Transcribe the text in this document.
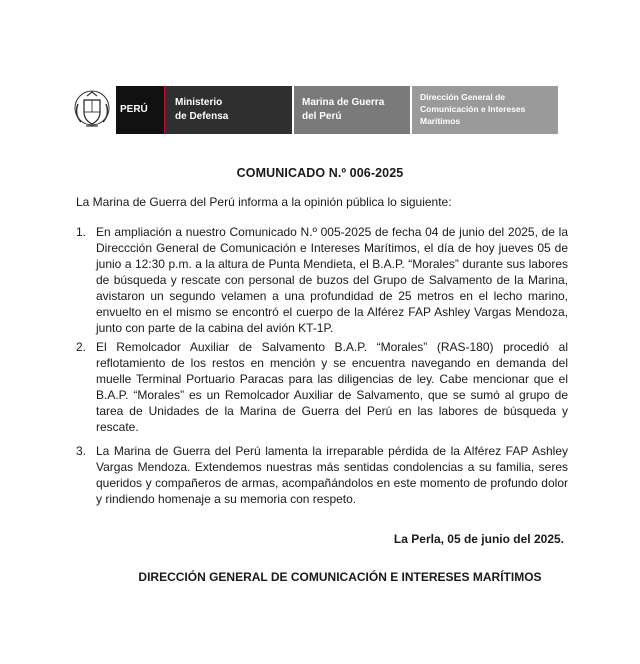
PERÚ
Ministerio
de Defensa
Marina de Guerra
del Perú
Dirección General de
Comunicación e Intereses
Marítimos
COMUNICADO N.º 006-2025
La Marina de Guerra del Perú informa a la opinión pública lo siguiente:
1. En ampliación a nuestro Comunicado N.º 005-2025 de fecha 04 de junio del 2025, de la Direccción General de Comunicación e Intereses Marítimos, el día de hoy jueves 05 de junio a 12:30 p.m. a la altura de Punta Mendieta, el B.A.P. “Morales” durante sus labores de búsqueda y rescate con personal de buzos del Grupo de Salvamento de la Marina, avistaron un segundo velamen a una profundidad de 25 metros en el lecho marino, envuelto en el mismo se encontró el cuerpo de la Alférez FAP Ashley Vargas Mendoza, junto con parte de la cabina del avión KT-1P.
2. El Remolcador Auxiliar de Salvamento B.A.P. “Morales” (RAS-180) procedió al reflotamiento de los restos en mención y se encuentra navegando en demanda del muelle Terminal Portuario Paracas para las diligencias de ley. Cabe mencionar que el B.A.P. “Morales” es un Remolcador Auxiliar de Salvamento, que se sumó al grupo de tarea de Unidades de la Marina de Guerra del Perú en las labores de búsqueda y rescate.
3. La Marina de Guerra del Perú lamenta la irreparable pérdida de la Alférez FAP Ashley Vargas Mendoza. Extendemos nuestras más sentidas condolencias a su familia, seres queridos y compañeros de armas, acompañándolos en este momento de profundo dolor y rindiendo homenaje a su memoria con respeto.
La Perla, 05 de junio del 2025.
DIRECCIÓN GENERAL DE COMUNICACIÓN E INTERESES MARÍTIMOS
